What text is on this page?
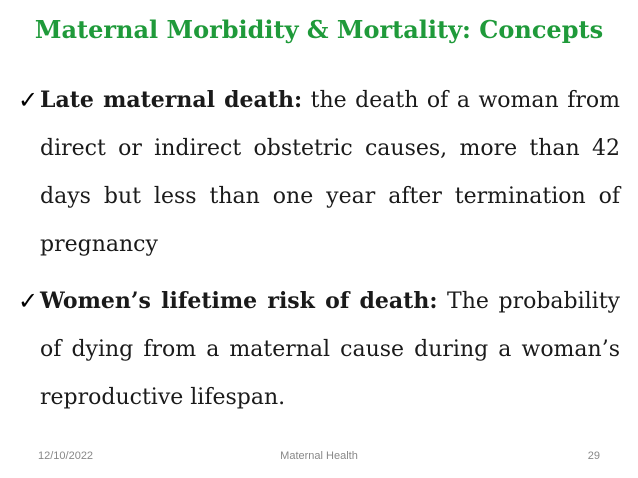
Maternal Morbidity & Mortality: Concepts

✓ Late maternal death: the death of a woman from direct or indirect obstetric causes, more than 42 days but less than one year after termination of pregnancy

✓ Women’s lifetime risk of death: The probability of dying from a maternal cause during a woman’s reproductive lifespan.

12/10/2022	Maternal Health	29
